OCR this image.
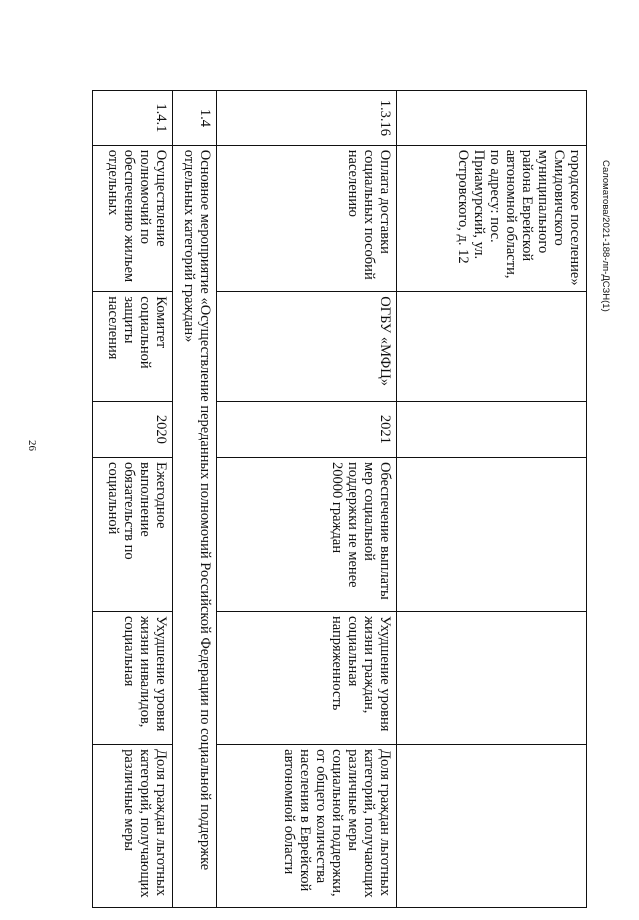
26
Саломатова/2021-188-лп-ДСЗН(1)
	городское поселение» Смидовичского муниципального района Еврейской автономной области, по адресу: пос. Приамурский, ул. Островского, д. 12					
1.3.16	Оплата доставки социальных пособий населению	ОГБУ «МФЦ»	2021	Обеспечение выплаты мер социальной поддержки не менее 20000 граждан	Ухудшение уровня жизни граждан, социальная напряженность	Доля граждан льготных категорий, получающих различные меры социальной поддержки, от общего количества населения в Еврейской автономной области
1.4	Основное мероприятие «Осуществление переданных полномочий Российской Федерации по социальной поддержке отдельных категорий граждан»					
1.4.1	Осуществление полномочий по обеспечению жильем отдельных	Комитет социальной защиты населения	2020	Ежегодное выполнение обязательств по социальной	Ухудшение уровня жизни инвалидов, социальная	Доля граждан льготных категорий, получающих различные меры
